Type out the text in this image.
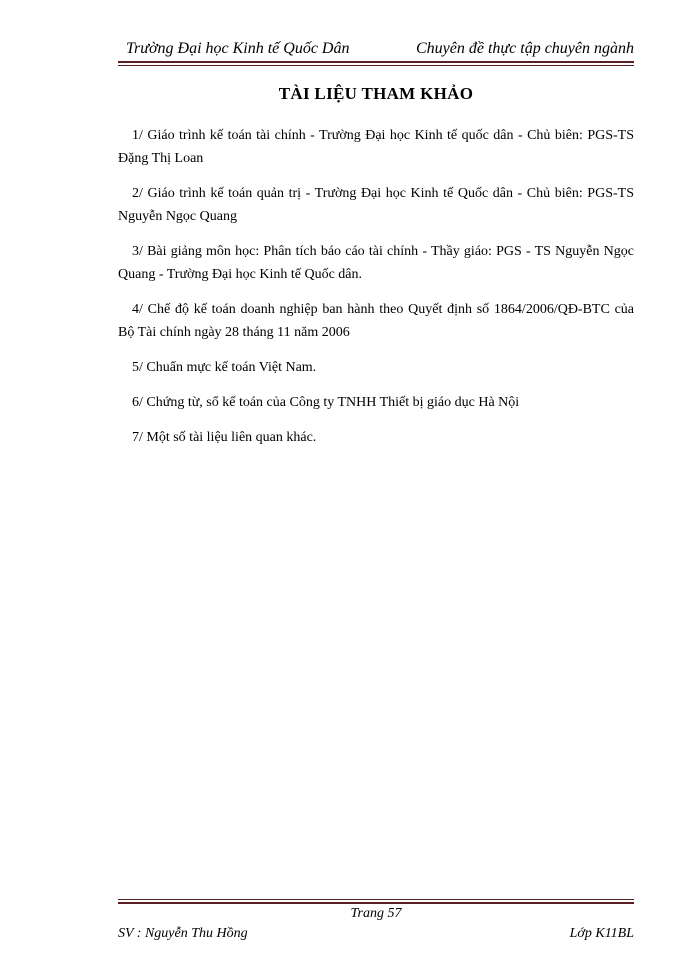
Trường Đại học Kinh tế Quốc Dân	Chuyên đề thực tập chuyên ngành
TÀI LIỆU THAM KHẢO

1/ Giáo trình kế toán tài chính - Trường Đại học Kinh tế quốc dân - Chủ biên: PGS-TS Đặng Thị Loan

2/ Giáo trình kế toán quản trị - Trường Đại học Kinh tế Quốc dân - Chủ biên: PGS-TS Nguyễn Ngọc Quang

3/ Bài giảng môn học: Phân tích báo cáo tài chính - Thầy giáo: PGS - TS Nguyễn Ngọc Quang - Trường Đại học Kinh tế Quốc dân.

4/ Chế độ kế toán doanh nghiệp ban hành theo Quyết định số 1864/2006/QĐ-BTC của Bộ Tài chính ngày 28 tháng 11 năm 2006

5/ Chuẩn mực kế toán Việt Nam.

6/ Chứng từ, sổ kế toán của Công ty TNHH Thiết bị giáo dục Hà Nội

7/ Một số tài liệu liên quan khác.

Trang 57
SV : Nguyễn Thu Hồng	Lớp K11BL
